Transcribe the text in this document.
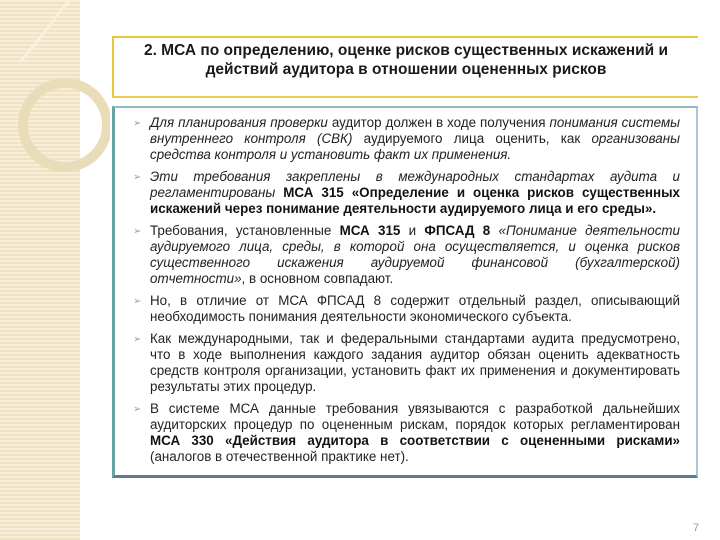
2. МСА по определению, оценке рисков существенных искажений и действий аудитора в отношении оцененных рисков
➢ Для планирования проверки аудитор должен в ходе получения понимания системы внутреннего контроля (СВК) аудируемого лица оценить, как организованы средства контроля и установить факт их применения.
➢ Эти требования закреплены в международных стандартах аудита и регламентированы МСА 315 «Определение и оценка рисков существенных искажений через понимание деятельности аудируемого лица и его среды».
➢ Требования, установленные МСА 315 и ФПСАД 8 «Понимание деятельности аудируемого лица, среды, в которой она осуществляется, и оценка рисков существенного искажения аудируемой финансовой (бухгалтерской) отчетности», в основном совпадают.
➢ Но, в отличие от МСА ФПСАД 8 содержит отдельный раздел, описывающий необходимость понимания деятельности экономического субъекта.
➢ Как международными, так и федеральными стандартами аудита предусмотрено, что в ходе выполнения каждого задания аудитор обязан оценить адекватность средств контроля организации, установить факт их применения и документировать результаты этих процедур.
➢ В системе МСА данные требования увязываются с разработкой дальнейших аудиторских процедур по оцененным рискам, порядок которых регламентирован МСА 330 «Действия аудитора в соответствии с оцененными рисками» (аналогов в отечественной практике нет).
7
